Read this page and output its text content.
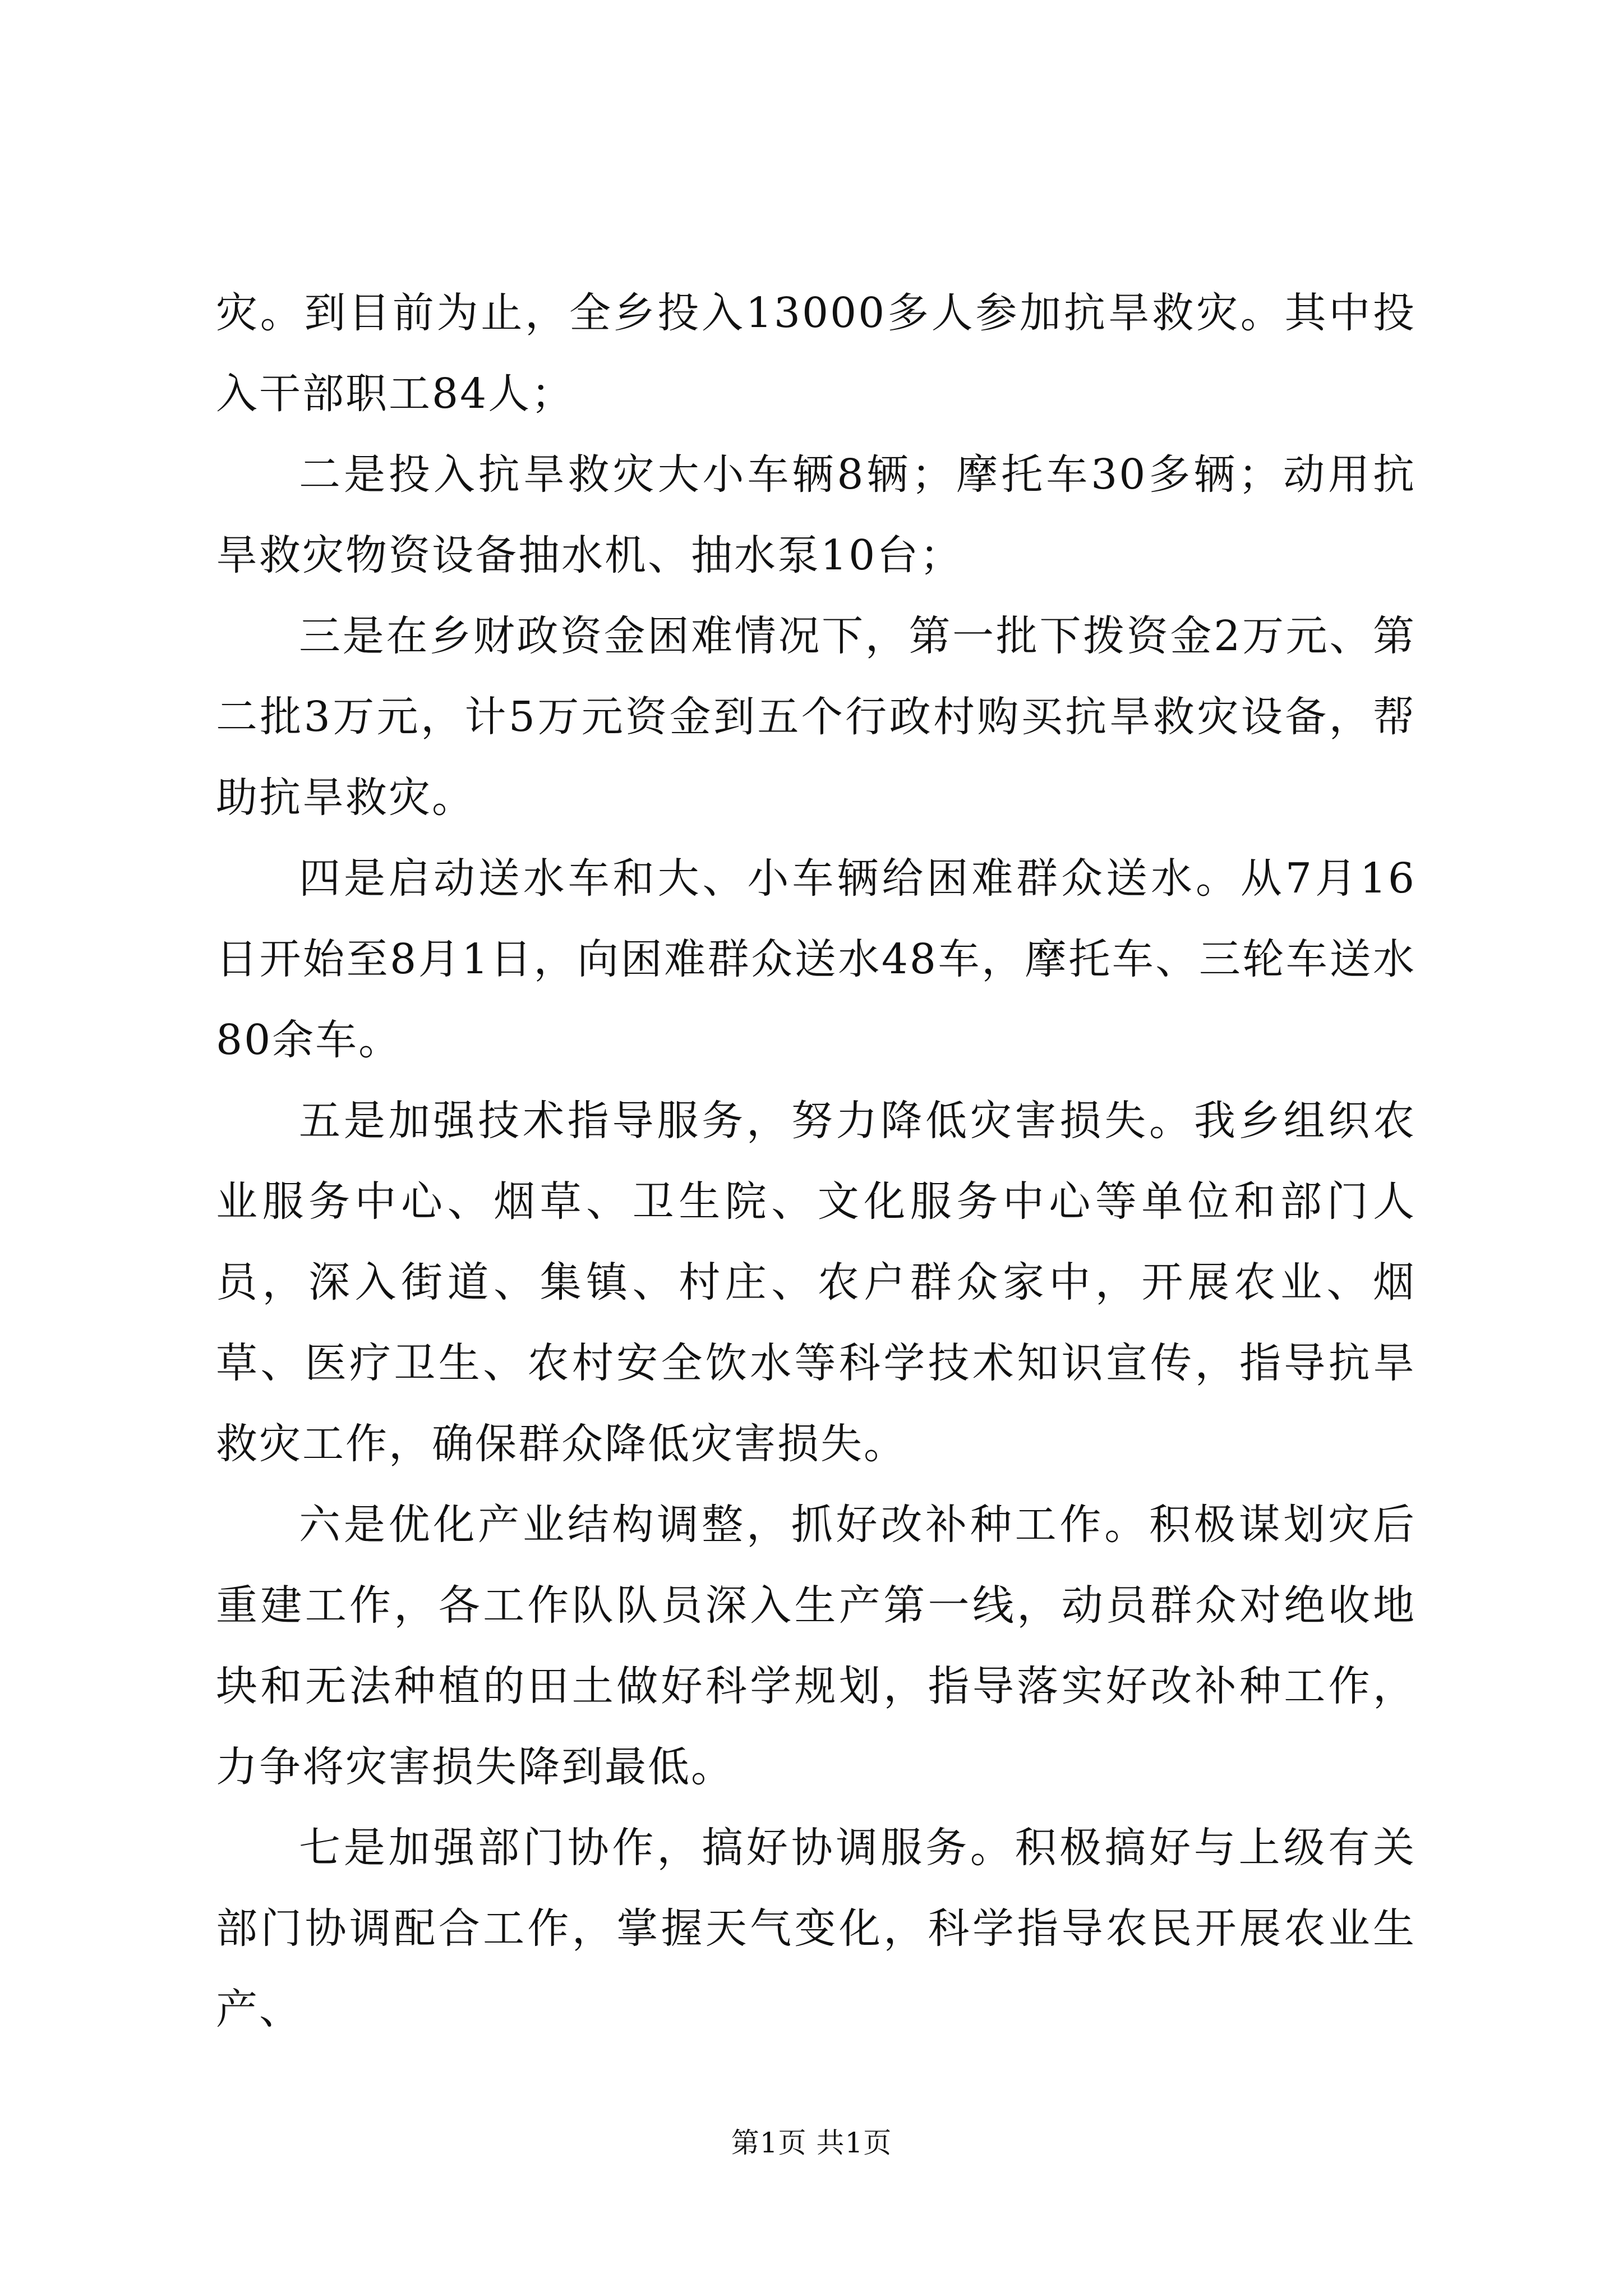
灾。到目前为止，全乡投入13000多人参加抗旱救灾。其中投入干部职工84人；

二是投入抗旱救灾大小车辆8辆；摩托车30多辆；动用抗旱救灾物资设备抽水机、抽水泵10台；

三是在乡财政资金困难情况下，第一批下拨资金2万元、第二批3万元，计5万元资金到五个行政村购买抗旱救灾设备，帮助抗旱救灾。

四是启动送水车和大、小车辆给困难群众送水。从7月16日开始至8月1日，向困难群众送水48车，摩托车、三轮车送水80余车。

五是加强技术指导服务，努力降低灾害损失。我乡组织农业服务中心、烟草、卫生院、文化服务中心等单位和部门人员，深入街道、集镇、村庄、农户群众家中，开展农业、烟草、医疗卫生、农村安全饮水等科学技术知识宣传，指导抗旱救灾工作，确保群众降低灾害损失。

六是优化产业结构调整，抓好改补种工作。积极谋划灾后重建工作，各工作队队员深入生产第一线，动员群众对绝收地块和无法种植的田土做好科学规划，指导落实好改补种工作，力争将灾害损失降到最低。

七是加强部门协作，搞好协调服务。积极搞好与上级有关部门协调配合工作，掌握天气变化，科学指导农民开展农业生产、

第1页 共1页
